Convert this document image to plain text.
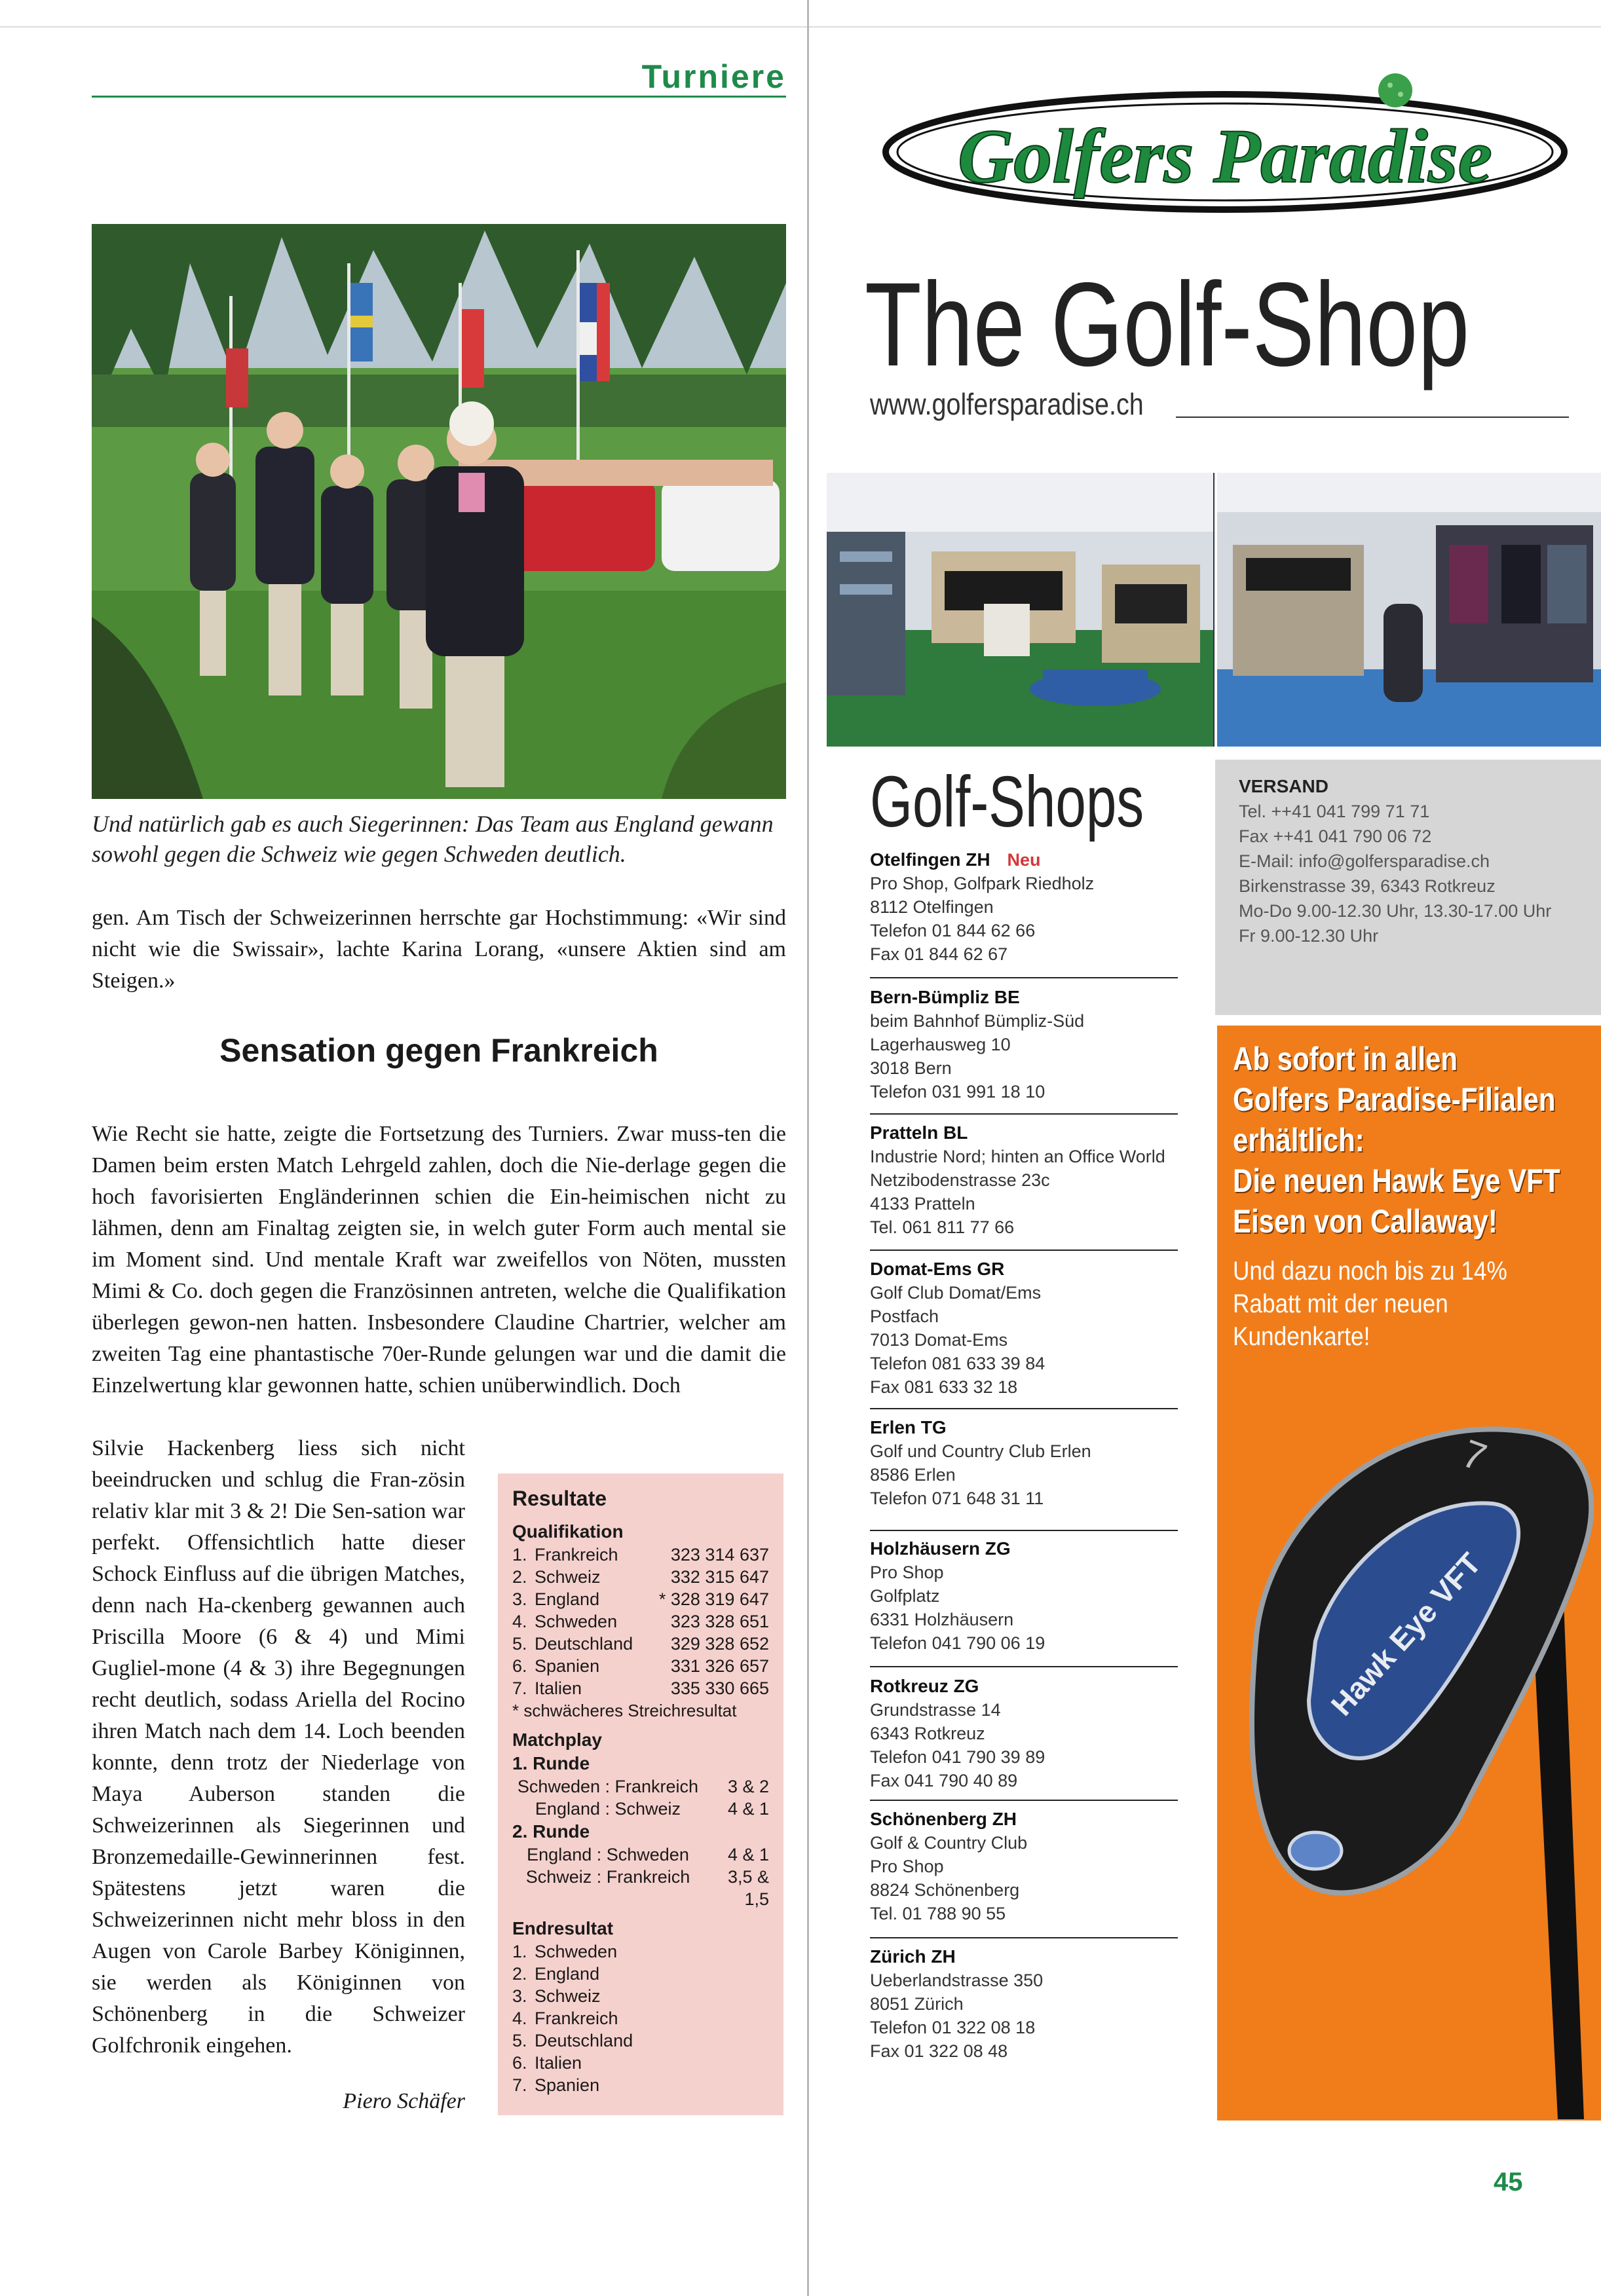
Turniere
Und natürlich gab es auch Siegerinnen: Das Team aus England gewann sowohl gegen die Schweiz wie gegen Schweden deutlich.
gen. Am Tisch der Schweizerinnen herrschte gar Hochstimmung: «Wir sind nicht wie die Swissair», lachte Karina Lorang, «unsere Aktien sind am Steigen.»
Sensation gegen Frankreich
Wie Recht sie hatte, zeigte die Fortsetzung des Turniers. Zwar muss-ten die Damen beim ersten Match Lehrgeld zahlen, doch die Nie-derlage gegen die hoch favorisierten Engländerinnen schien die Ein-heimischen nicht zu lähmen, denn am Finaltag zeigten sie, in welch guter Form auch mental sie im Moment sind. Und mentale Kraft war zweifellos von Nöten, mussten Mimi & Co. doch gegen die Französinnen antreten, welche die Qualifikation überlegen gewon-nen hatten. Insbesondere Claudine Chartrier, welcher am zweiten Tag eine phantastische 70er-Runde gelungen war und die damit die Einzelwertung klar gewonnen hatte, schien unüberwindlich. Doch
Silvie Hackenberg liess sich nicht beeindrucken und schlug die Fran-zösin relativ klar mit 3 & 2! Die Sen-sation war perfekt. Offensichtlich hatte dieser Schock Einfluss auf die übrigen Matches, denn nach Ha-ckenberg gewannen auch Priscilla Moore (6 & 4) und Mimi Gugliel-mone (4 & 3) ihre Begegnungen recht deutlich, sodass Ariella del Rocino ihren Match nach dem 14. Loch beenden konnte, denn trotz der Niederlage von Maya Auberson standen die Schweizerinnen als Siegerinnen und Bronzemedaille-Gewinnerinnen fest. Spätestens jetzt waren die Schweizerinnen nicht mehr bloss in den Augen von Carole Barbey Königinnen, sie werden als Königinnen von Schönenberg in die Schweizer Golfchronik eingehen.
Piero Schäfer
Resultate
Qualifikation
1. Frankreich	323 314 637
2. Schweiz	332 315 647
3. England	* 328 319 647
4. Schweden	323 328 651
5. Deutschland	329 328 652
6. Spanien	331 326 657
7. Italien	335 330 665
* schwächeres Streichresultat
Matchplay
1. Runde
Schweden : Frankreich	3 & 2
England : Schweiz	4 & 1
2. Runde
England : Schweden	4 & 1
Schweiz : Frankreich	3,5 & 1,5
Endresultat
1. Schweden
2. England
3. Schweiz
4. Frankreich
5. Deutschland
6. Italien
7. Spanien
Golfers Paradise
The Golf-Shop
www.golfersparadise.ch
Golf-Shops
Otelfingen ZH Neu
Pro Shop, Golfpark Riedholz
8112 Otelfingen
Telefon 01 844 62 66
Fax 01 844 62 67
Bern-Bümpliz BE
beim Bahnhof Bümpliz-Süd
Lagerhausweg 10
3018 Bern
Telefon 031 991 18 10
Pratteln BL
Industrie Nord; hinten an Office World
Netzibodenstrasse 23c
4133 Pratteln
Tel. 061 811 77 66
Domat-Ems GR
Golf Club Domat/Ems
Postfach
7013 Domat-Ems
Telefon 081 633 39 84
Fax 081 633 32 18
Erlen TG
Golf und Country Club Erlen
8586 Erlen
Telefon 071 648 31 11
Holzhäusern ZG
Pro Shop
Golfplatz
6331 Holzhäusern
Telefon 041 790 06 19
Rotkreuz ZG
Grundstrasse 14
6343 Rotkreuz
Telefon 041 790 39 89
Fax 041 790 40 89
Schönenberg ZH
Golf & Country Club
Pro Shop
8824 Schönenberg
Tel. 01 788 90 55
Zürich ZH
Ueberlandstrasse 350
8051 Zürich
Telefon 01 322 08 18
Fax 01 322 08 48
VERSAND
Tel. ++41 041 799 71 71
Fax ++41 041 790 06 72
E-Mail: info@golfersparadise.ch
Birkenstrasse 39, 6343 Rotkreuz
Mo-Do 9.00-12.30 Uhr, 13.30-17.00 Uhr
Fr 9.00-12.30 Uhr
Ab sofort in allen
Golfers Paradise-Filialen
erhältlich:
Die neuen Hawk Eye VFT
Eisen von Callaway!
Und dazu noch bis zu 14% Rabatt mit der neuen Kundenkarte!
Hawk Eye VFT
7
45
